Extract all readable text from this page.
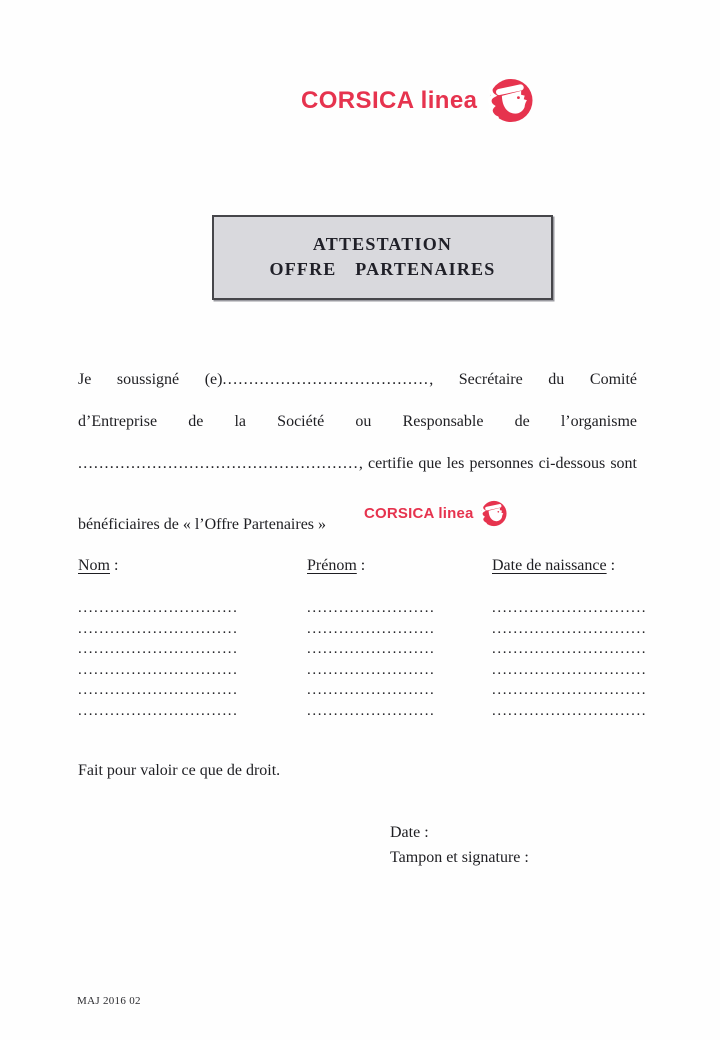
CORSICA linea
ATTESTATION
OFFRE PARTENAIRES
Je soussigné (e)......................................., Secrétaire du Comité
d’Entreprise de la Société ou Responsable de l’organisme
....................................................., certifie que les personnes ci-dessous sont
CORSICA linea
bénéficiaires de « l’Offre Partenaires »
Nom :	Prénom :	Date de naissance :
..............................	........................	.............................
..............................	........................	.............................
..............................	........................	.............................
..............................	........................	.............................
..............................	........................	.............................
..............................	........................	.............................
Fait pour valoir ce que de droit.
Date :
Tampon et signature :
MAJ 2016 02
